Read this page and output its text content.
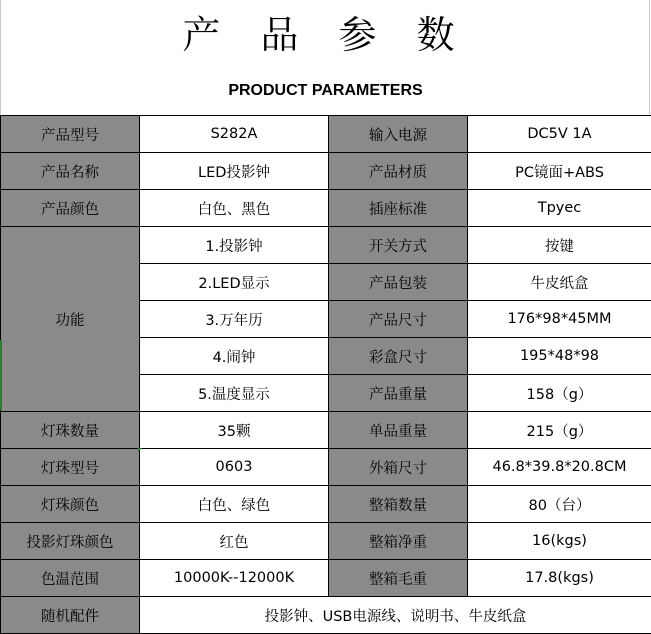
产 品 参 数
PRODUCT PARAMETERS
产品型号	S282A	输入电源	DC5V 1A
产品名称	LED投影钟	产品材质	PC镜面+ABS
产品颜色	白色、黑色	插座标准	Tpyec
功能	1.投影钟	开关方式	按键
	2.LED显示	产品包装	牛皮纸盒
	3.万年历	产品尺寸	176*98*45MM
	4.闹钟	彩盒尺寸	195*48*98
	5.温度显示	产品重量	158（g）
灯珠数量	35颗	单品重量	215（g）
灯珠型号	0603	外箱尺寸	46.8*39.8*20.8CM
灯珠颜色	白色、绿色	整箱数量	80（台）
投影灯珠颜色	红色	整箱净重	16(kgs)
色温范围	10000K--12000K	整箱毛重	17.8(kgs)
随机配件	投影钟、USB电源线、说明书、牛皮纸盒		
